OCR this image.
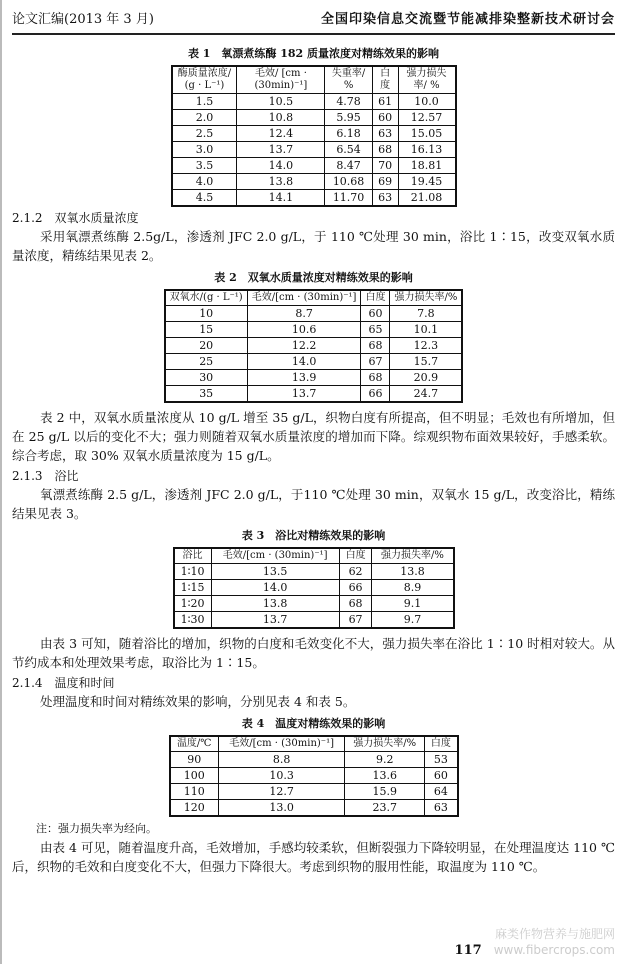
论文汇编(2013 年 3 月)	全国印染信息交流暨节能减排染整新技术研讨会
表 1　氧漂煮练酶 182 质量浓度对精练效果的影响
酶质量浓度/ (g · L⁻¹)	毛效/ [cm · (30min)⁻¹]	失重率/ %	白度	强力损失率/ %
1.5	10.5	4.78	61	10.0
2.0	10.8	5.95	60	12.57
2.5	12.4	6.18	63	15.05
3.0	13.7	6.54	68	16.13
3.5	14.0	8.47	70	18.81
4.0	13.8	10.68	69	19.45
4.5	14.1	11.70	63	21.08
2.1.2　双氧水质量浓度

采用氧漂煮练酶 2.5g/L，渗透剂 JFC 2.0 g/L，于 110 ℃处理 30 min，浴比 1∶15，改变双氧水质量浓度，精练结果见表 2。

表 2　双氧水质量浓度对精练效果的影响
双氧水/(g · L⁻¹)	毛效/[cm · (30min)⁻¹]	白度	强力损失率/%
10	8.7	60	7.8
15	10.6	65	10.1
20	12.2	68	12.3
25	14.0	67	15.7
30	13.9	68	20.9
35	13.7	66	24.7

表 2 中，双氧水质量浓度从 10 g/L 增至 35 g/L，织物白度有所提高，但不明显；毛效也有所增加，但在 25 g/L 以后的变化不大；强力则随着双氧水质量浓度的增加而下降。综观织物布面效果较好，手感柔软。综合考虑，取 30% 双氧水质量浓度为 15 g/L。

2.1.3　浴比

氧漂煮练酶 2.5 g/L，渗透剂 JFC 2.0 g/L，于110 ℃处理 30 min，双氧水 15 g/L，改变浴比，精练结果见表 3。

表 3　浴比对精练效果的影响
浴比	毛效/[cm · (30min)⁻¹]	白度	强力损失率/%
1∶10	13.5	62	13.8
1∶15	14.0	66	8.9
1∶20	13.8	68	9.1
1∶30	13.7	67	9.7

由表 3 可知，随着浴比的增加，织物的白度和毛效变化不大，强力损失率在浴比 1∶10 时相对较大。从节约成本和处理效果考虑，取浴比为 1∶15。

2.1.4　温度和时间

处理温度和时间对精练效果的影响，分别见表 4 和表 5。

表 4　温度对精练效果的影响
温度/℃	毛效/[cm · (30min)⁻¹]	强力损失率/%	白度
90	8.8	9.2	53
100	10.3	13.6	60
110	12.7	15.9	64
120	13.0	23.7	63
注：强力损失率为经向。

由表 4 可见，随着温度升高，毛效增加，手感均较柔软，但断裂强力下降较明显，在处理温度达 110 ℃后，织物的毛效和白度变化不大，但强力下降很大。考虑到织物的服用性能，取温度为 110 ℃。

117
麻类作物营养与施肥网
www.fibercrops.com
